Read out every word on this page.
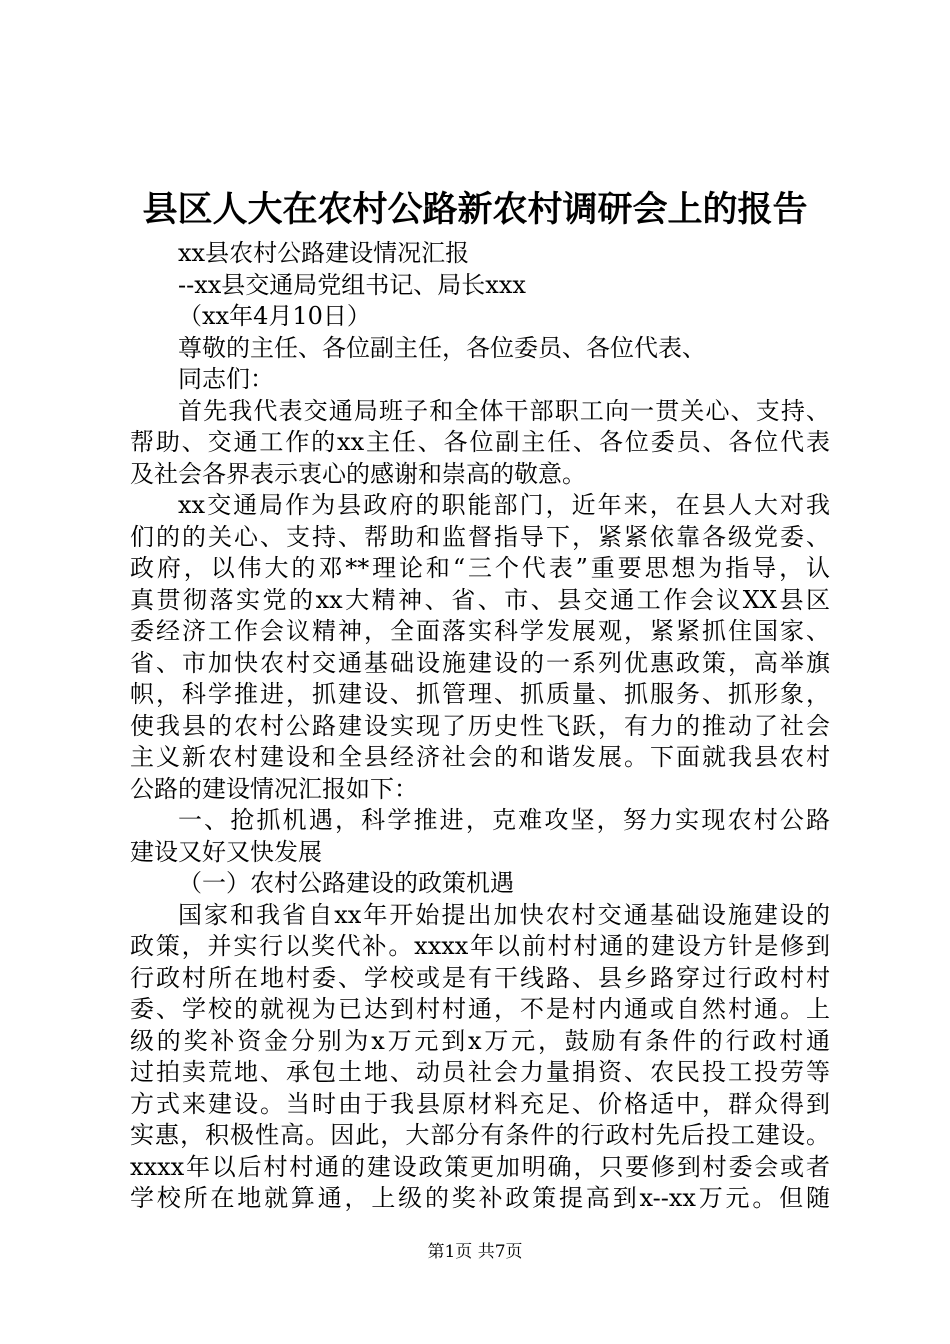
县区人大在农村公路新农村调研会上的报告
xx县农村公路建设情况汇报
--xx县交通局党组书记、局长xxx
（xx年4月10日）
尊敬的主任、各位副主任，各位委员、各位代表、
同志们：
首先我代表交通局班子和全体干部职工向一贯关心、支持、
帮助、交通工作的xx主任、各位副主任、各位委员、各位代表
及社会各界表示衷心的感谢和崇高的敬意。
xx交通局作为县政府的职能部门，近年来，在县人大对我
们的的关心、支持、帮助和监督指导下，紧紧依靠各级党委、
政府，以伟大的邓**理论和“三个代表”重要思想为指导，认
真贯彻落实党的xx大精神、省、市、县交通工作会议XX县区
委经济工作会议精神，全面落实科学发展观，紧紧抓住国家、
省、市加快农村交通基础设施建设的一系列优惠政策，高举旗
帜，科学推进，抓建设、抓管理、抓质量、抓服务、抓形象，
使我县的农村公路建设实现了历史性飞跃，有力的推动了社会
主义新农村建设和全县经济社会的和谐发展。下面就我县农村
公路的建设情况汇报如下：
一、抢抓机遇，科学推进，克难攻坚，努力实现农村公路
建设又好又快发展
（一）农村公路建设的政策机遇
国家和我省自xx年开始提出加快农村交通基础设施建设的
政策，并实行以奖代补。xxxx年以前村村通的建设方针是修到
行政村所在地村委、学校或是有干线路、县乡路穿过行政村村
委、学校的就视为已达到村村通，不是村内通或自然村通。上
级的奖补资金分别为x万元到x万元，鼓励有条件的行政村通
过拍卖荒地、承包土地、动员社会力量捐资、农民投工投劳等
方式来建设。当时由于我县原材料充足、价格适中，群众得到
实惠，积极性高。因此，大部分有条件的行政村先后投工建设。
xxxx年以后村村通的建设政策更加明确，只要修到村委会或者
学校所在地就算通，上级的奖补政策提高到x--xx万元。但随
第1页 共7页
